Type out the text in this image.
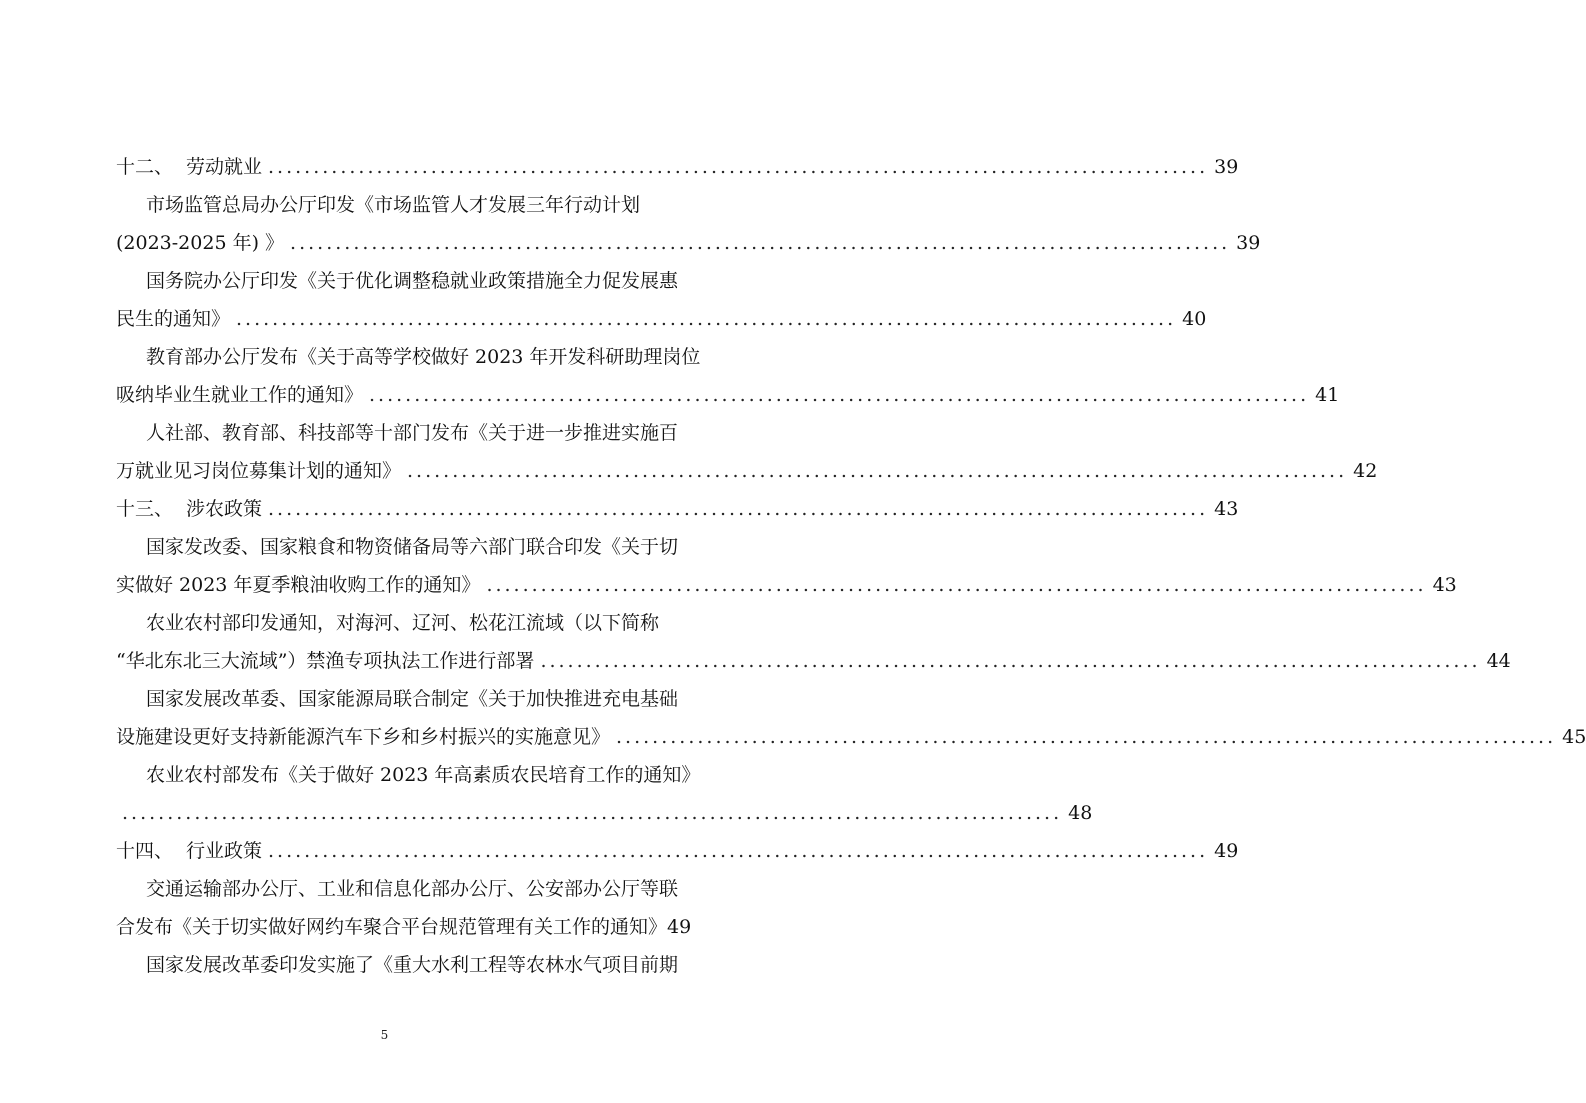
十二、 劳动就业 ........................................................................................................ 39
市场监管总局办公厅印发《市场监管人才发展三年行动计划
(2023-2025 年) 》 ........................................................................................................ 39
国务院办公厅印发《关于优化调整稳就业政策措施全力促发展惠
民生的通知》 ........................................................................................................ 40
教育部办公厅发布《关于高等学校做好 2023 年开发科研助理岗位
吸纳毕业生就业工作的通知》 ........................................................................................................ 41
人社部、教育部、科技部等十部门发布《关于进一步推进实施百
万就业见习岗位募集计划的通知》 ........................................................................................................ 42
十三、 涉农政策 ........................................................................................................ 43
国家发改委、国家粮食和物资储备局等六部门联合印发《关于切
实做好 2023 年夏季粮油收购工作的通知》 ........................................................................................................ 43
农业农村部印发通知，对海河、辽河、松花江流域（以下简称
“华北东北三大流域”）禁渔专项执法工作进行部署 ........................................................................................................ 44
国家发展改革委、国家能源局联合制定《关于加快推进充电基础
设施建设更好支持新能源汽车下乡和乡村振兴的实施意见》 ........................................................................................................ 45
农业农村部发布《关于做好 2023 年高素质农民培育工作的通知》
........................................................................................................ 48
十四、 行业政策 ........................................................................................................ 49
交通运输部办公厅、工业和信息化部办公厅、公安部办公厅等联
合发布《关于切实做好网约车聚合平台规范管理有关工作的通知》 49
国家发展改革委印发实施了《重大水利工程等农林水气项目前期
5
